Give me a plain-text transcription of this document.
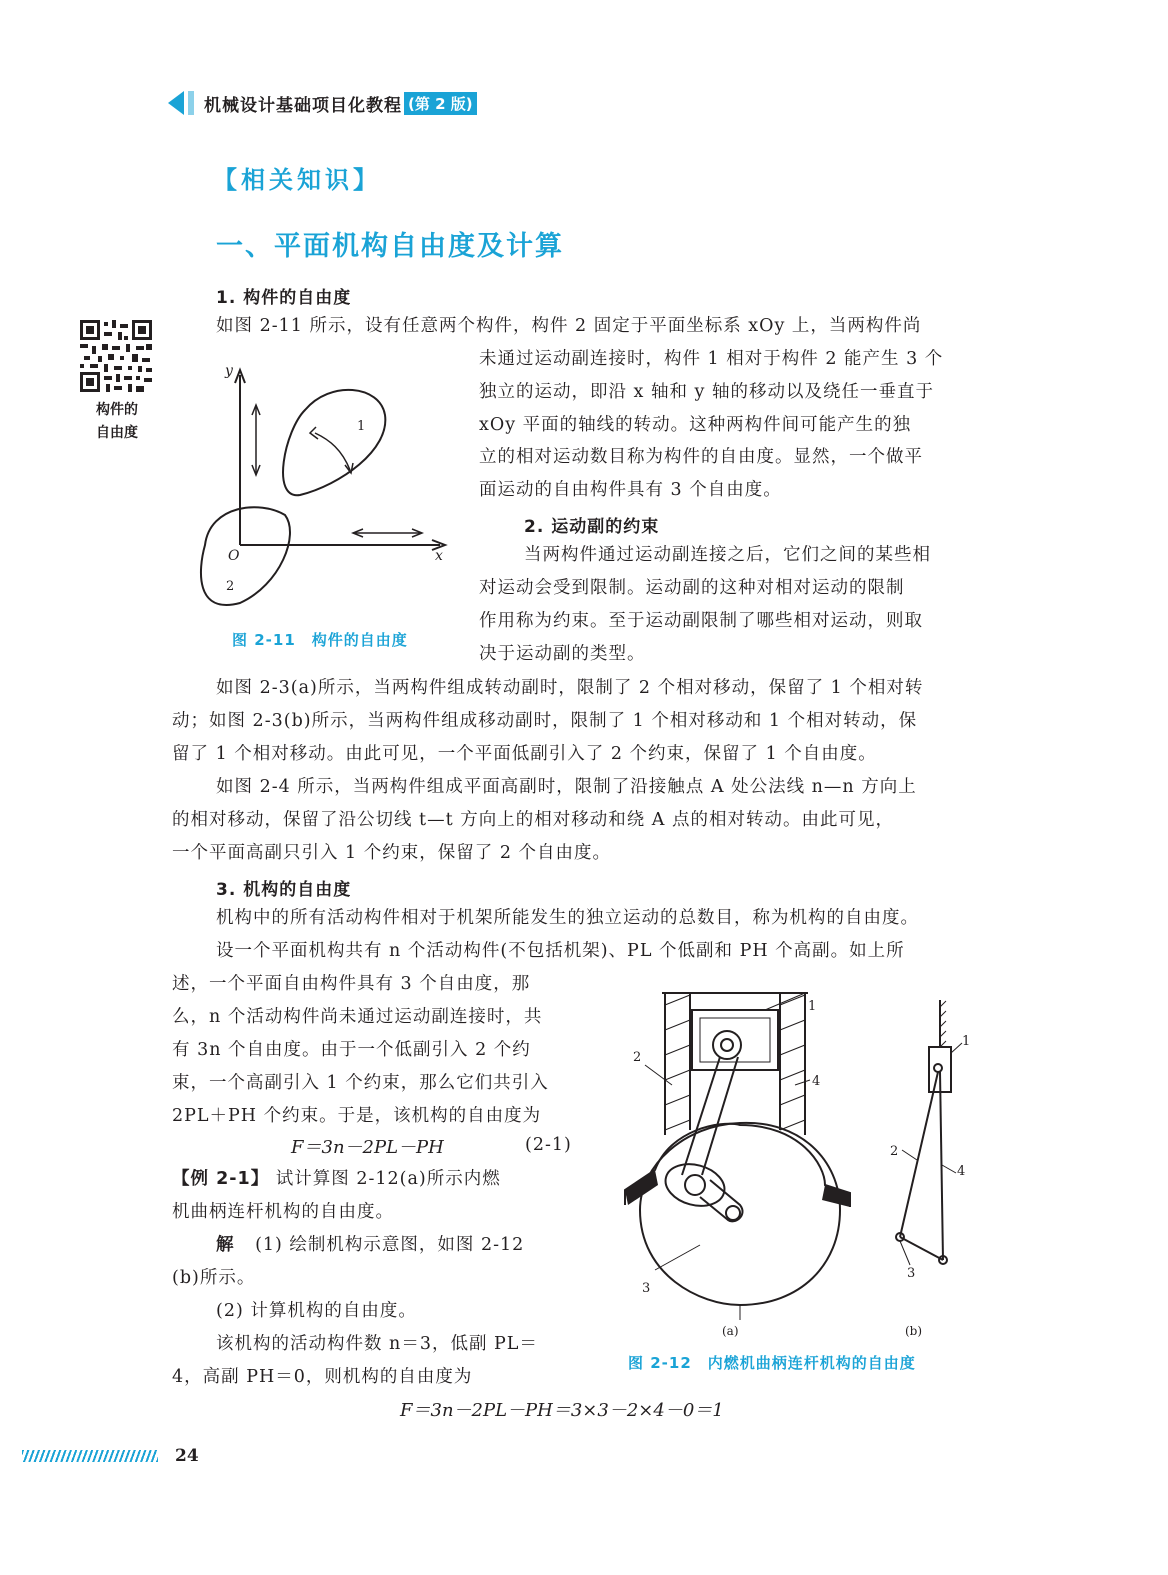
机械设计基础项目化教程 (第 2 版)
【相关知识】
一、平面机构自由度及计算
1. 构件的自由度
构件的
自由度
如图 2-11 所示，设有任意两个构件，构件 2 固定于平面坐标系 xOy 上，当两构件尚
未通过运动副连接时，构件 1 相对于构件 2 能产生 3 个
独立的运动，即沿 x 轴和 y 轴的移动以及绕任一垂直于
xOy 平面的轴线的转动。这种两构件间可能产生的独
立的相对运动数目称为构件的自由度。显然，一个做平
面运动的自由构件具有 3 个自由度。
y
x
O
1
2
图 2-11　构件的自由度
2. 运动副的约束
当两构件通过运动副连接之后，它们之间的某些相
对运动会受到限制。运动副的这种对相对运动的限制
作用称为约束。至于运动副限制了哪些相对运动，则取
决于运动副的类型。
如图 2-3(a)所示，当两构件组成转动副时，限制了 2 个相对移动，保留了 1 个相对转
动；如图 2-3(b)所示，当两构件组成移动副时，限制了 1 个相对移动和 1 个相对转动，保
留了 1 个相对移动。由此可见，一个平面低副引入了 2 个约束，保留了 1 个自由度。
如图 2-4 所示，当两构件组成平面高副时，限制了沿接触点 A 处公法线 n—n 方向上
的相对移动，保留了沿公切线 t—t 方向上的相对移动和绕 A 点的相对转动。由此可见，
一个平面高副只引入 1 个约束，保留了 2 个自由度。
3. 机构的自由度
机构中的所有活动构件相对于机架所能发生的独立运动的总数目，称为机构的自由度。
设一个平面机构共有 n 个活动构件(不包括机架)、PL 个低副和 PH 个高副。如上所
述，一个平面自由构件具有 3 个自由度，那
么，n 个活动构件尚未通过运动副连接时，共
有 3n 个自由度。由于一个低副引入 2 个约
束，一个高副引入 1 个约束，那么它们共引入
2PL＋PH 个约束。于是，该机构的自由度为
F＝3n－2PL－PH	(2-1)
【例 2-1】 试计算图 2-12(a)所示内燃
机曲柄连杆机构的自由度。
解 (1) 绘制机构示意图，如图 2-12
(b)所示。
(2) 计算机构的自由度。
该机构的活动构件数 n＝3，低副 PL＝
4，高副 PH＝0，则机构的自由度为
F＝3n－2PL－PH＝3×3－2×4－0＝1
1
2
4
3
(a)
1
2
4
3
(b)
图 2-12　内燃机曲柄连杆机构的自由度
24
